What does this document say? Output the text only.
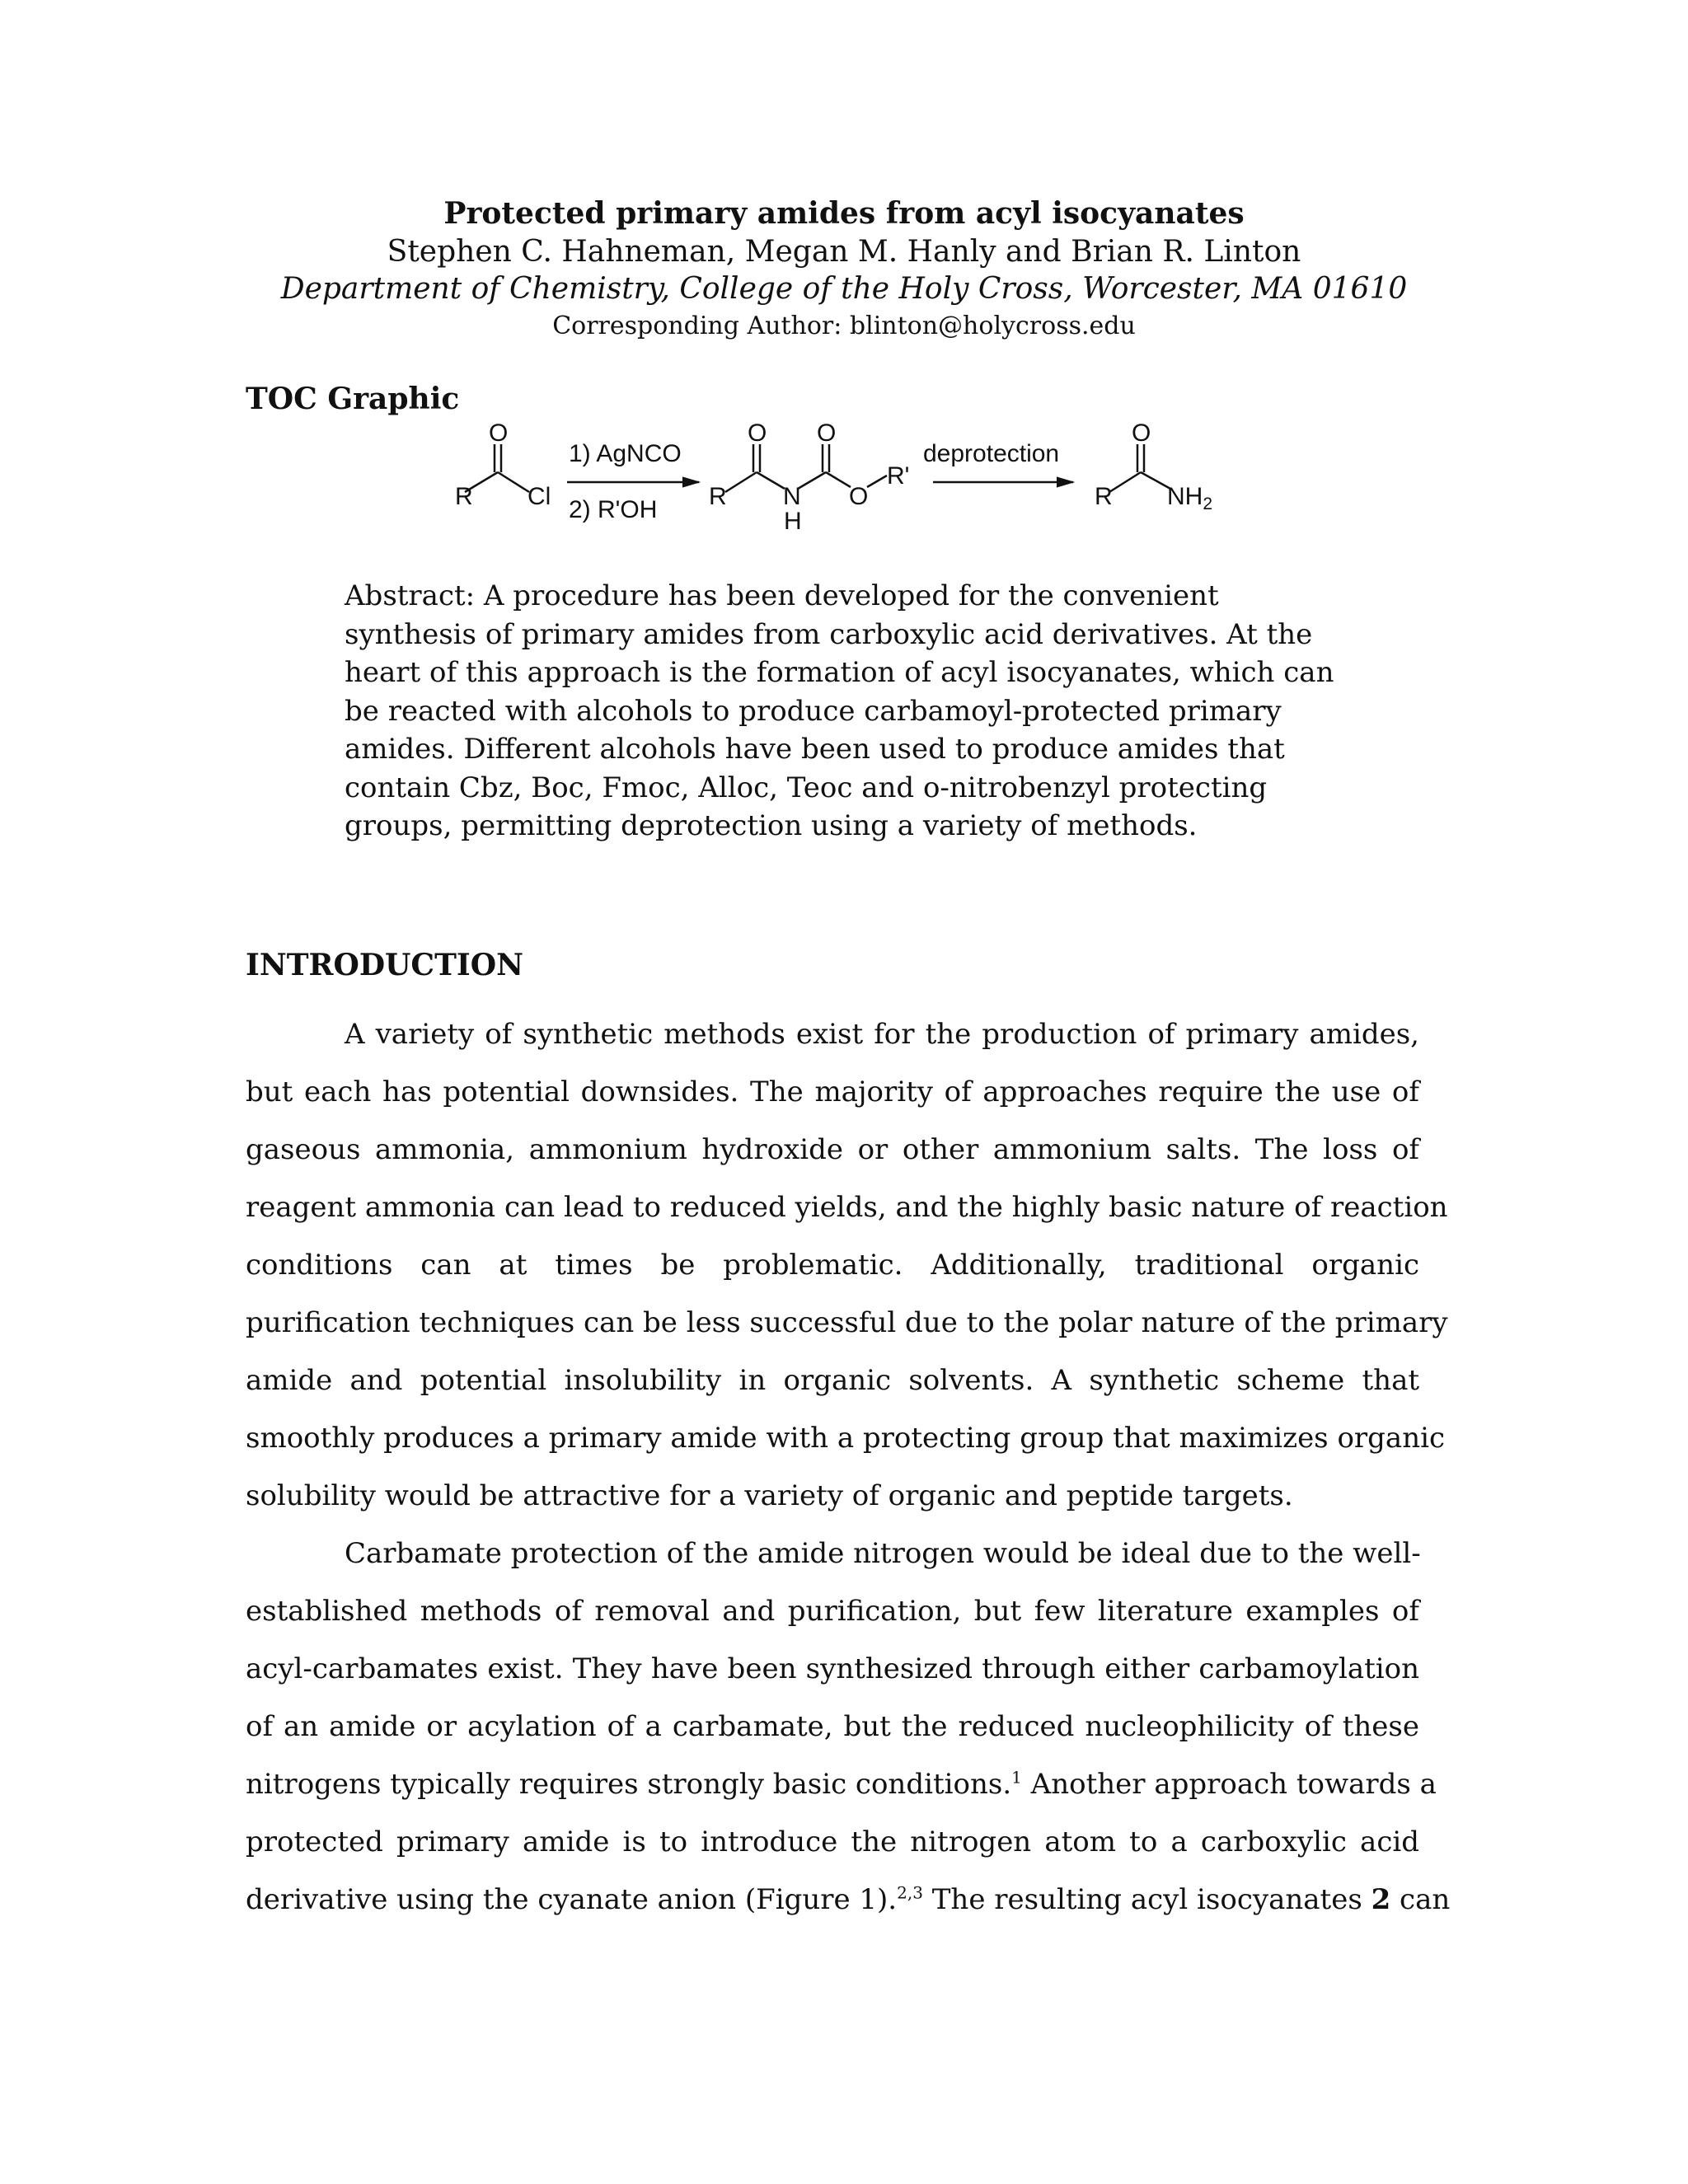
Protected primary amides from acyl isocyanates
Stephen C. Hahneman, Megan M. Hanly and Brian R. Linton
Department of Chemistry, College of the Holy Cross, Worcester, MA 01610
Corresponding Author: blinton@holycross.edu
TOC Graphic
R
O
Cl
1) AgNCO
2) R'OH R
O
N
H
O
O
R'
deprotection
R
O
$NH_2$
Abstract: A procedure has been developed for the convenient
synthesis of primary amides from carboxylic acid derivatives. At the
heart of this approach is the formation of acyl isocyanates, which can
be reacted with alcohols to produce carbamoyl-protected primary
amides. Different alcohols have been used to produce amides that
contain Cbz, Boc, Fmoc, Alloc, Teoc and o-nitrobenzyl protecting
groups, permitting deprotection using a variety of methods.
INTRODUCTION
A variety of synthetic methods exist for the production of primary amides,
but each has potential downsides. The majority of approaches require the use of
gaseous ammonia, ammonium hydroxide or other ammonium salts. The loss of
reagent ammonia can lead to reduced yields, and the highly basic nature of reaction
conditions can at times be problematic. Additionally, traditional organic
purification techniques can be less successful due to the polar nature of the primary
amide and potential insolubility in organic solvents. A synthetic scheme that
smoothly produces a primary amide with a protecting group that maximizes organic
solubility would be attractive for a variety of organic and peptide targets.
Carbamate protection of the amide nitrogen would be ideal due to the well-
established methods of removal and purification, but few literature examples of
acyl-carbamates exist. They have been synthesized through either carbamoylation
of an amide or acylation of a carbamate, but the reduced nucleophilicity of these
nitrogens typically requires strongly basic conditions.$^1$ Another approach towards a
protected primary amide is to introduce the nitrogen atom to a carboxylic acid
derivative using the cyanate anion (Figure 1).$^{2,3}$ The resulting acyl isocyanates 2 can
